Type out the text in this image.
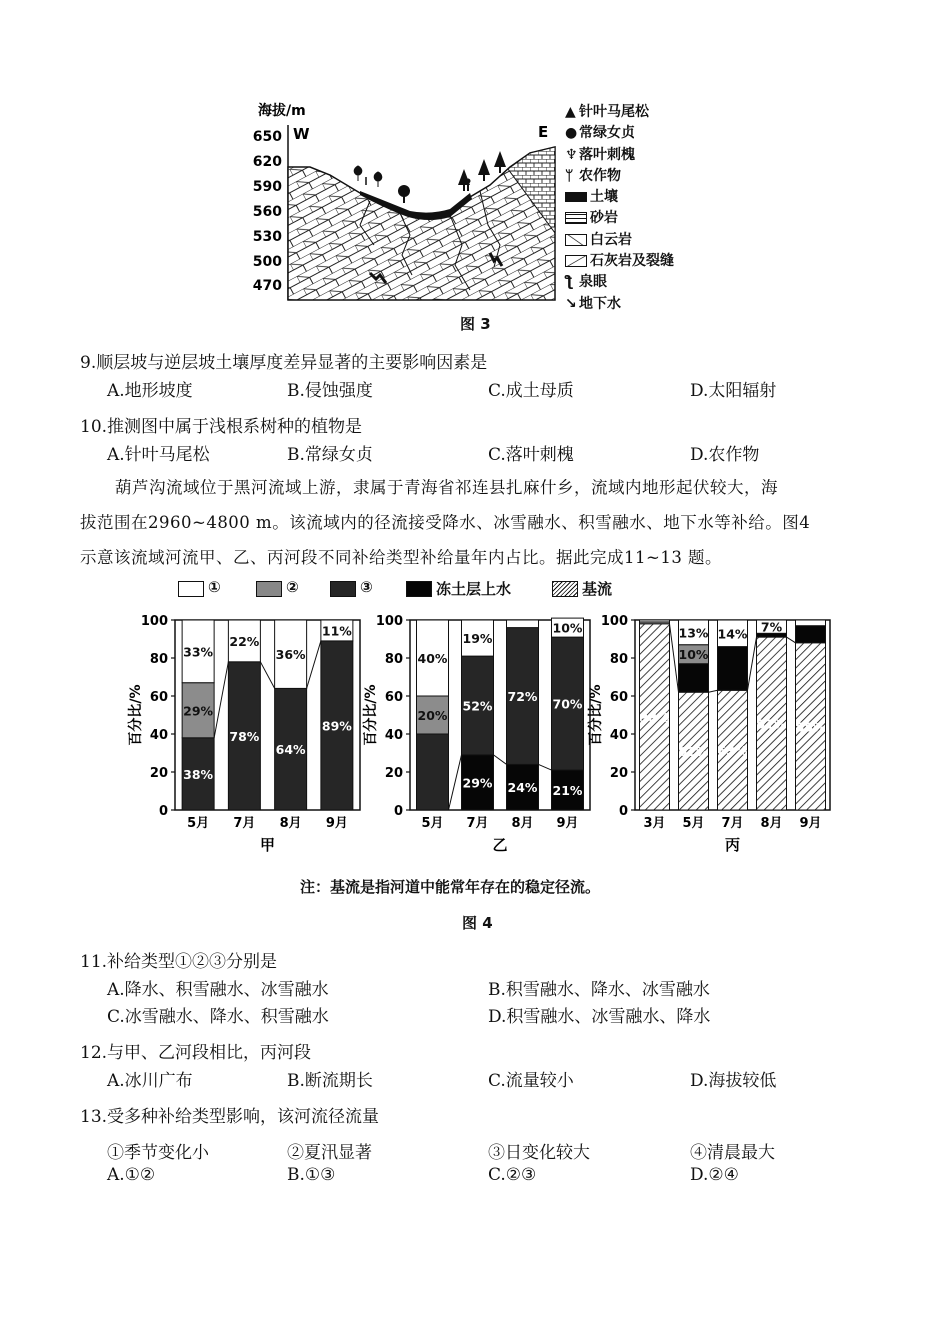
海拔/m
650
620
590
560
530
500
470
W	E
▲ 针叶马尾松
● 常绿女贞
♆落叶刺槐
ᛘ 农作物
土壤
砂岩
白云岩
石灰岩及裂缝
ƪ 泉眼
↘ 地下水
图 3
9.顺层坡与逆层坡土壤厚度差异显著的主要影响因素是
A.地形坡度	B.侵蚀强度	C.成土母质	D.太阳辐射
10.推测图中属于浅根系树种的植物是
A.针叶马尾松	B.常绿女贞	C.落叶刺槐	D.农作物
葫芦沟流域位于黑河流域上游，隶属于青海省祁连县扎麻什乡，流域内地形起伏较大，海
拔范围在2960~4800 m。该流域内的径流接受降水、冰雪融水、积雪融水、地下水等补给。图4
示意该流域河流甲、乙、丙河段不同补给类型补给量年内占比。据此完成11~13 题。
①	②	③	冻土层上水	基流
100
80
60
40
20
0
百分比/%
38%
29%
33%
5月
78%
22%
7月
64%
36%
8月
89%
11%
9月
甲
100
80
60
40
20
0
百分比/%	20%
40%
5月
29%
52%
19%
7月
24%
72%
8月
21%
70%
10%
9月
乙
100
80
60
40
20
0
百分比/%	98%
3月
62%
10%
13%
5月
63%
14%
7月
91%
7%
8月
88%
9月
丙
注：基流是指河道中能常年存在的稳定径流。
图 4
11.补给类型①②③分别是
A.降水、积雪融水、冰雪融水	B.积雪融水、降水、冰雪融水
C.冰雪融水、降水、积雪融水	D.积雪融水、冰雪融水、降水
12.与甲、乙河段相比，丙河段
A.冰川广布	B.断流期长	C.流量较小	D.海拔较低
13.受多种补给类型影响，该河流径流量
①季节变化小	②夏汛显著	③日变化较大	④清晨最大
A.①②	B.①③	C.②③	D.②④
